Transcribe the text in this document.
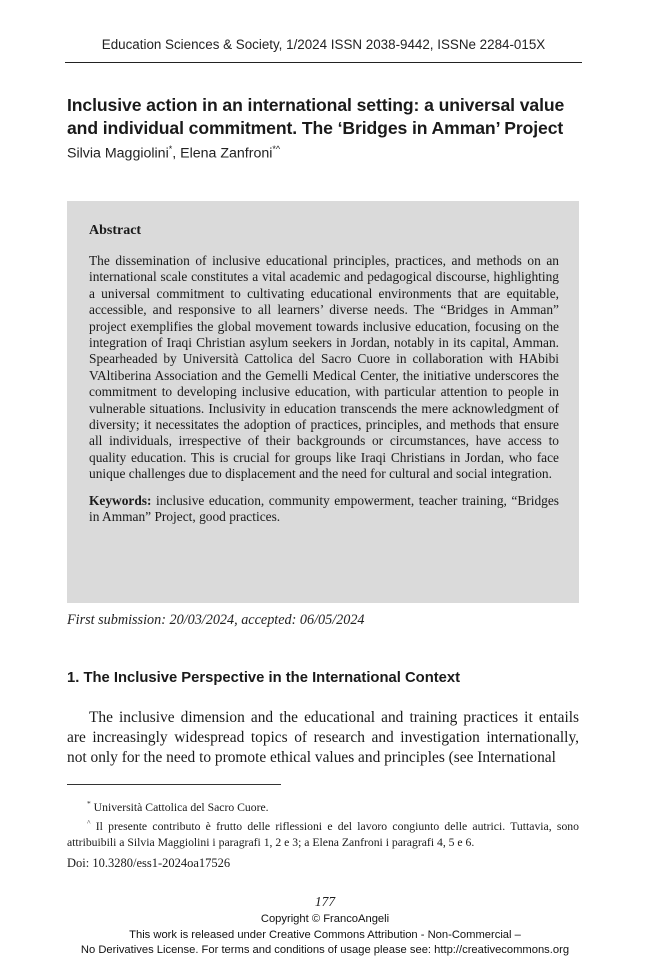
Education Sciences & Society, 1/2024 ISSN 2038-9442, ISSNe 2284-015X
Inclusive action in an international setting: a universal value and individual commitment. The ‘Bridges in Amman’ Project
Silvia Maggiolini*, Elena Zanfroni*^
Abstract
The dissemination of inclusive educational principles, practices, and methods on an international scale constitutes a vital academic and pedagogical discourse, highlighting a universal commitment to cultivating educational environments that are equitable, accessible, and responsive to all learners’ diverse needs. The “Bridges in Amman” project exemplifies the global movement towards inclusive education, focusing on the integration of Iraqi Christian asylum seekers in Jordan, notably in its capital, Amman. Spearheaded by Università Cattolica del Sacro Cuore in collaboration with HAbibi VAltiberina Association and the Gemelli Medical Center, the initiative underscores the commitment to developing inclusive education, with particular attention to people in vulnerable situations. Inclusivity in education transcends the mere acknowledgment of diversity; it necessitates the adoption of practices, principles, and methods that ensure all individuals, irrespective of their backgrounds or circumstances, have access to quality education. This is crucial for groups like Iraqi Christians in Jordan, who face unique challenges due to displacement and the need for cultural and social integration.
Keywords: inclusive education, community empowerment, teacher training, “Bridges in Amman” Project, good practices.
First submission: 20/03/2024, accepted: 06/05/2024
1. The Inclusive Perspective in the International Context
The inclusive dimension and the educational and training practices it entails are increasingly widespread topics of research and investigation internationally, not only for the need to promote ethical values and principles (see International
* Università Cattolica del Sacro Cuore.
^ Il presente contributo è frutto delle riflessioni e del lavoro congiunto delle autrici. Tuttavia, sono attribuibili a Silvia Maggiolini i paragrafi 1, 2 e 3; a Elena Zanfroni i paragrafi 4, 5 e 6.
Doi: 10.3280/ess1-2024oa17526
177
Copyright © FrancoAngeli
This work is released under Creative Commons Attribution - Non-Commercial –
No Derivatives License. For terms and conditions of usage please see: http://creativecommons.org
